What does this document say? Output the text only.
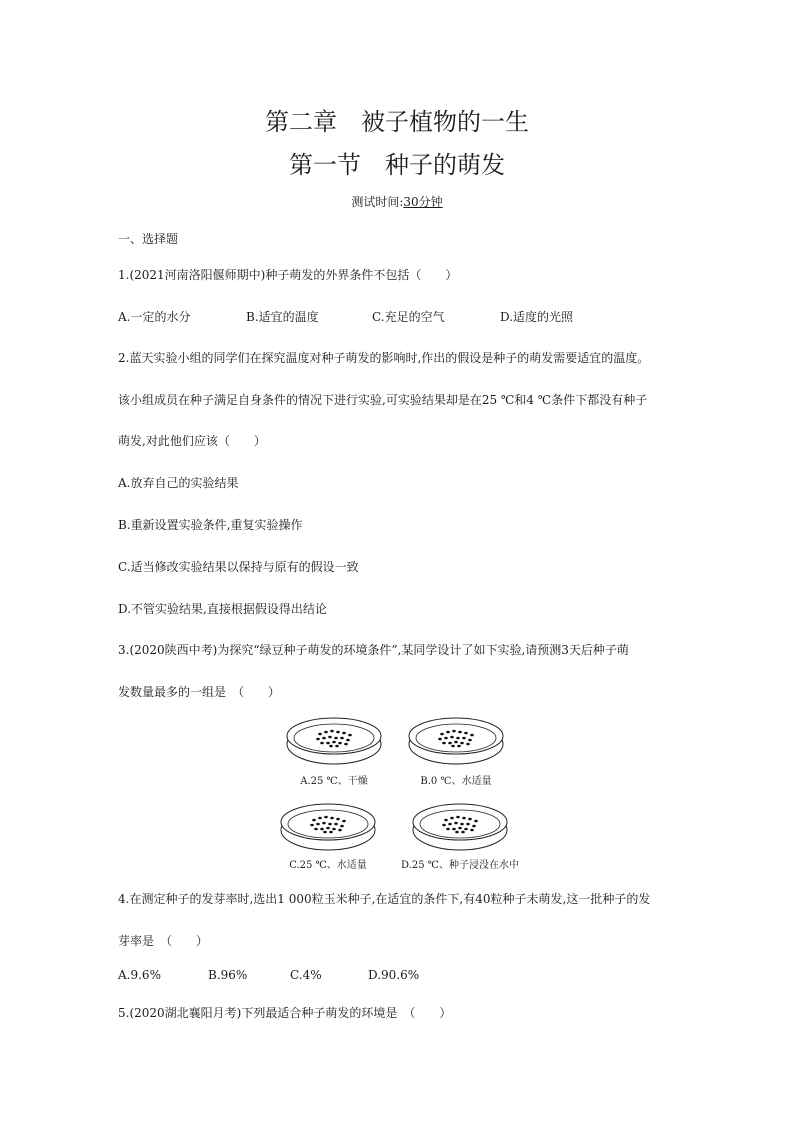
第二章　被子植物的一生
第一节　种子的萌发
测试时间:30分钟
一、选择题
1.(2021河南洛阳偃师期中)种子萌发的外界条件不包括（　　）
A.一定的水分	B.适宜的温度	C.充足的空气	D.适度的光照
2.蓝天实验小组的同学们在探究温度对种子萌发的影响时,作出的假设是种子的萌发需要适宜的温度。
该小组成员在种子满足自身条件的情况下进行实验,可实验结果却是在25 ℃和4 ℃条件下都没有种子
萌发,对此他们应该（　　）
A.放弃自己的实验结果
B.重新设置实验条件,重复实验操作
C.适当修改实验结果以保持与原有的假设一致
D.不管实验结果,直接根据假设得出结论
3.(2020陕西中考)为探究“绿豆种子萌发的环境条件”,某同学设计了如下实验,请预测3天后种子萌
发数量最多的一组是　（　　）
A.25 ℃、干燥	B.0 ℃、水适量
C.25 ℃、水适量	D.25 ℃、种子浸没在水中
4.在测定种子的发芽率时,选出1 000粒玉米种子,在适宜的条件下,有40粒种子未萌发,这一批种子的发
芽率是　（　　）
A.9.6%	B.96%	C.4%	D.90.6%
5.(2020湖北襄阳月考)下列最适合种子萌发的环境是　（　　）
